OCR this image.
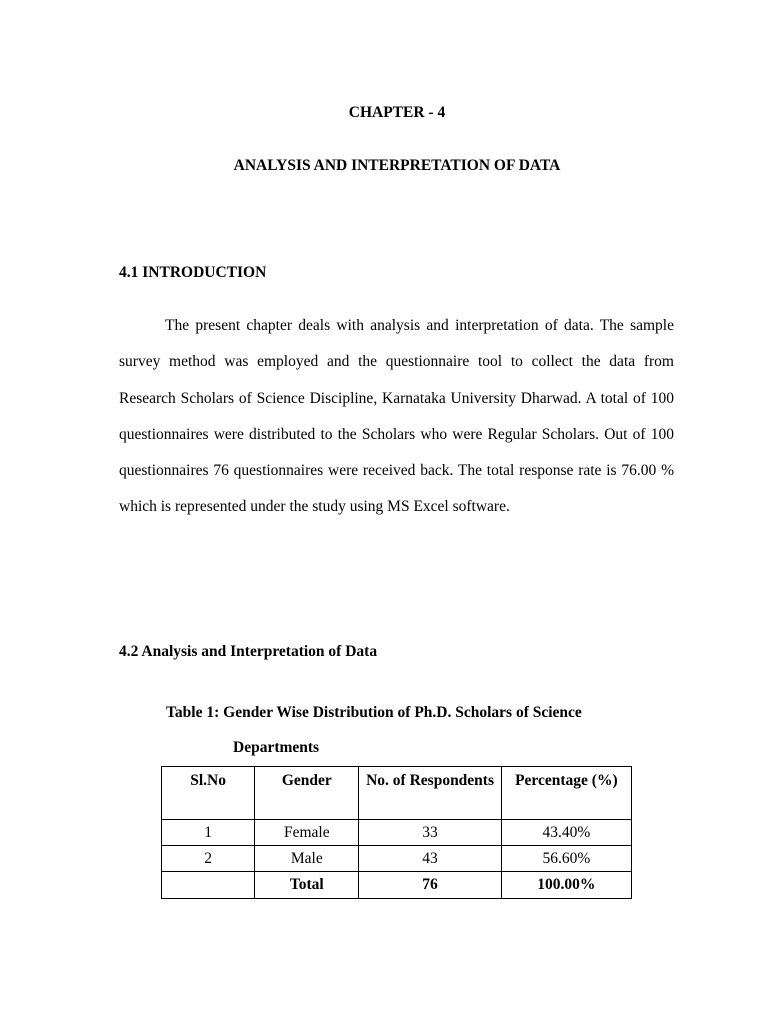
CHAPTER - 4
ANALYSIS AND INTERPRETATION OF DATA
4.1 INTRODUCTION

The present chapter deals with analysis and interpretation of data. The sample survey method was employed and the questionnaire tool to collect the data from Research Scholars of Science Discipline, Karnataka University Dharwad. A total of 100 questionnaires were distributed to the Scholars who were Regular Scholars. Out of 100 questionnaires 76 questionnaires were received back. The total response rate is 76.00 % which is represented under the study using MS Excel software.

4.2 Analysis and Interpretation of Data

Table 1: Gender Wise Distribution of Ph.D. Scholars of Science
Departments

Sl.No	Gender	No. of Respondents	Percentage (%)
1	Female	33	43.40%
2	Male	43	56.60%
	Total	76	100.00%
